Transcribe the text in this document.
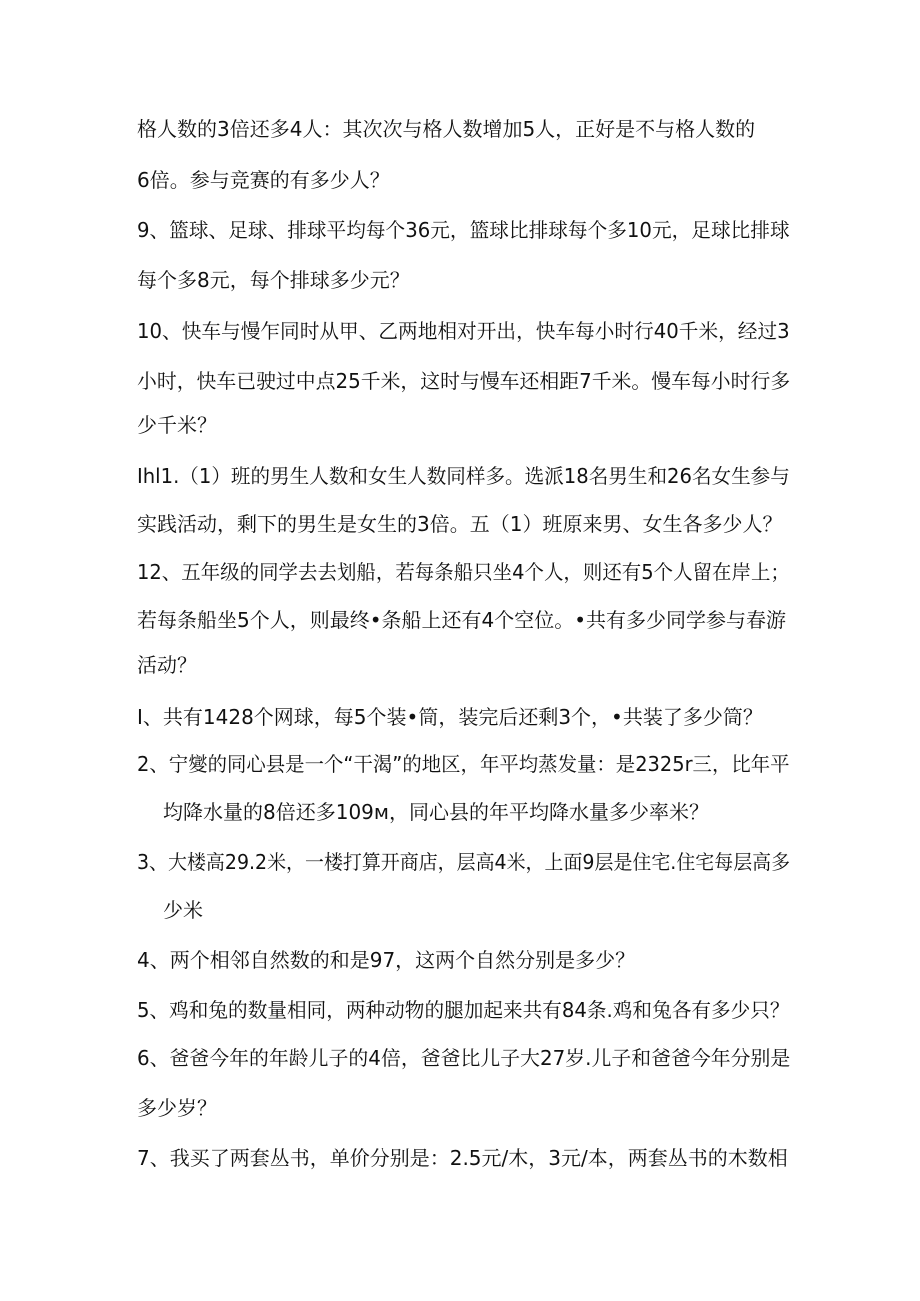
格人数的3倍还多4人：其次次与格人数增加5人，正好是不与格人数的
6倍。参与竞赛的有多少人？
9、篮球、足球、排球平均每个36元，篮球比排球每个多10元，足球比排球
每个多8元，每个排球多少元？
10、快车与慢乍同时从甲、乙两地相对开出，快车每小时行40千米，经过3
小时，快车已驶过中点25千米，这时与慢车还相距7千米。慢车每小时行多
少千米？
Ihl1.（1）班的男生人数和女生人数同样多。选派18名男生和26名女生参与
实践活动，剩下的男生是女生的3倍。五（1）班原来男、女生各多少人？
12、五年级的同学去去划船，若每条船只坐4个人，则还有5个人留在岸上；
若每条船坐5个人，则最终•条船上还有4个空位。•共有多少同学参与春游
活动？
I、共有1428个网球，每5个装•筒，装完后还剩3个，•共装了多少筒？
2、宁夑的同心县是一个“干渴”的地区，年平均蒸发量：是2325r三，比年平
均降水量的8倍还多109м，同心县的年平均降水量多少率米？
3、大楼高29.2米，一楼打算开商店，层高4米，上面9层是住宅.住宅每层高多
少米
4、两个相邻自然数的和是97，这两个自然分别是多少？
5、鸡和兔的数量相同，两种动物的腿加起来共有84条.鸡和兔各有多少只？
6、爸爸今年的年龄儿子的4倍，爸爸比儿子大27岁.儿子和爸爸今年分别是
多少岁？
7、我买了两套丛书，单价分别是：2.5元/木，3元/本，两套丛书的木数相
